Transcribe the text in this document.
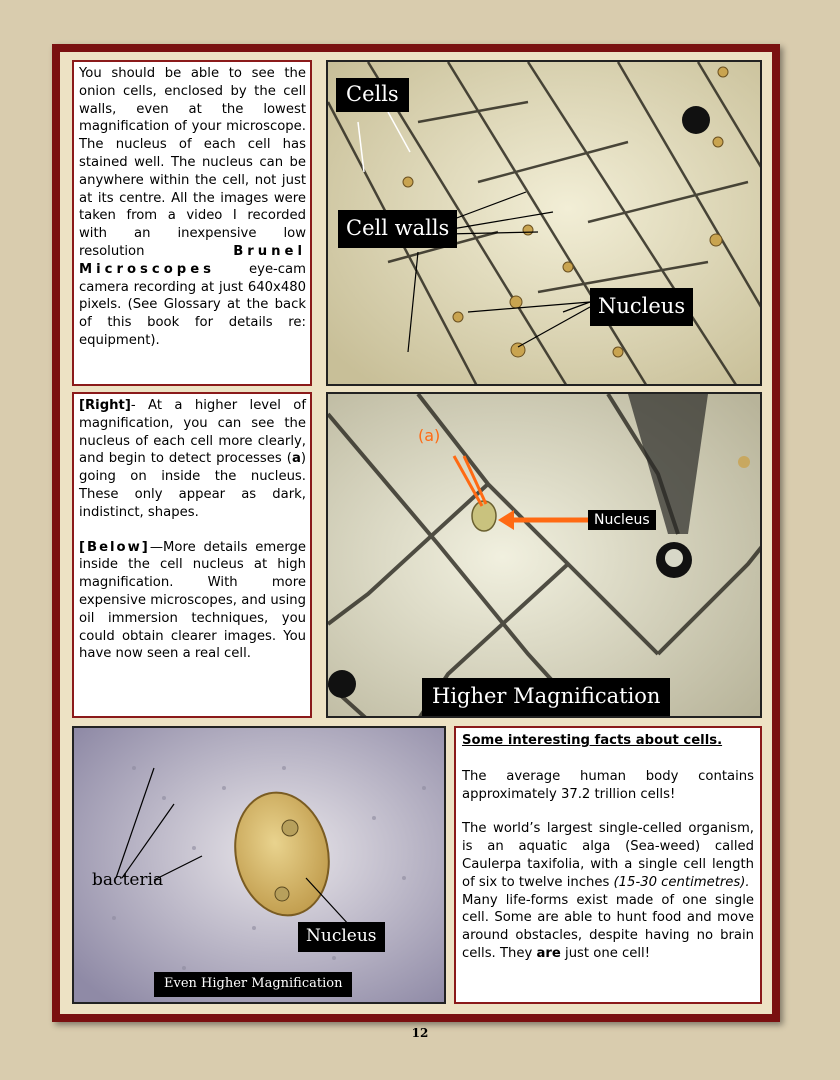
You should be able to see the onion cells, enclosed by the cell walls, even at the lowest magnification of your microscope. The nucleus of each cell has stained well. The nucleus can be anywhere within the cell, not just at its centre. All the images were taken from a video I recorded with an inexpensive low resolution Brunel Microscopes eye-cam camera recording at just 640x480 pixels. (See Glossary at the back of this book for details re: equipment).
Cells
Cell walls
Nucleus

[Right]- At a higher level of magnification, you can see the nucleus of each cell more clearly, and begin to detect processes (a) going on inside the nucleus. These only appear as dark, indistinct, shapes.

[Below]—More details emerge inside the cell nucleus at high magnification. With more expensive microscopes, and using oil immersion techniques, you could obtain clearer images. You have now seen a real cell.

(a)
Nucleus
Higher Magnification
bacteria
Nucleus
Even Higher Magnification

Some interesting facts about cells.

The average human body contains approximately 37.2 trillion cells!

The world’s largest single-celled organism, is an aquatic alga (Sea-weed) called Caulerpa taxifolia, with a single cell length of six to twelve inches (15-30 centimetres).

Many life-forms exist made of one single cell. Some are able to hunt food and move around obstacles, despite having no brain cells. They are just one cell!

12
